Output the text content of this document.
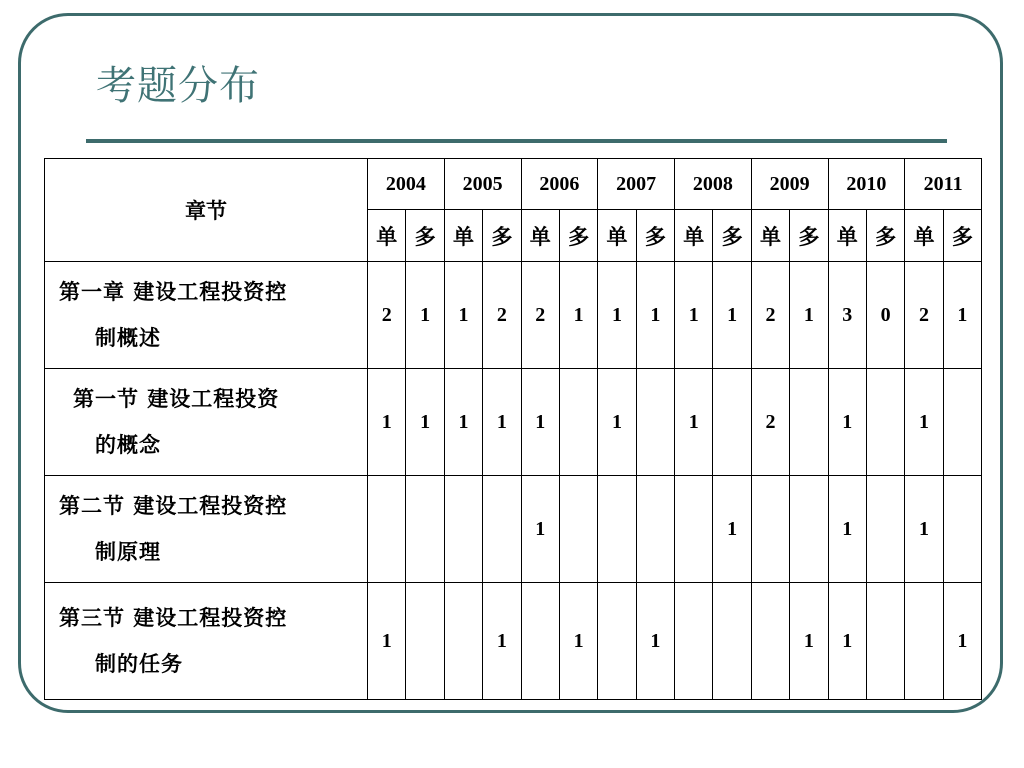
考题分布
章节	2004		2005		2006		2007		2008		2009		2010		2011	
	单	多	单	多	单	多	单	多	单	多	单	多	单	多	单	多

第一章 建设工程投资控
制概述	2	1	1	2	2	1	1	1	1	1	2	1	3	0	2	1

第一节 建设工程投资
的概念	1	1	1	1	1		1		1		2		1		1	

第二节 建设工程投资控
制原理					1					1			1		1	

第三节 建设工程投资控
制的任务	1			1		1		1				1	1			1
